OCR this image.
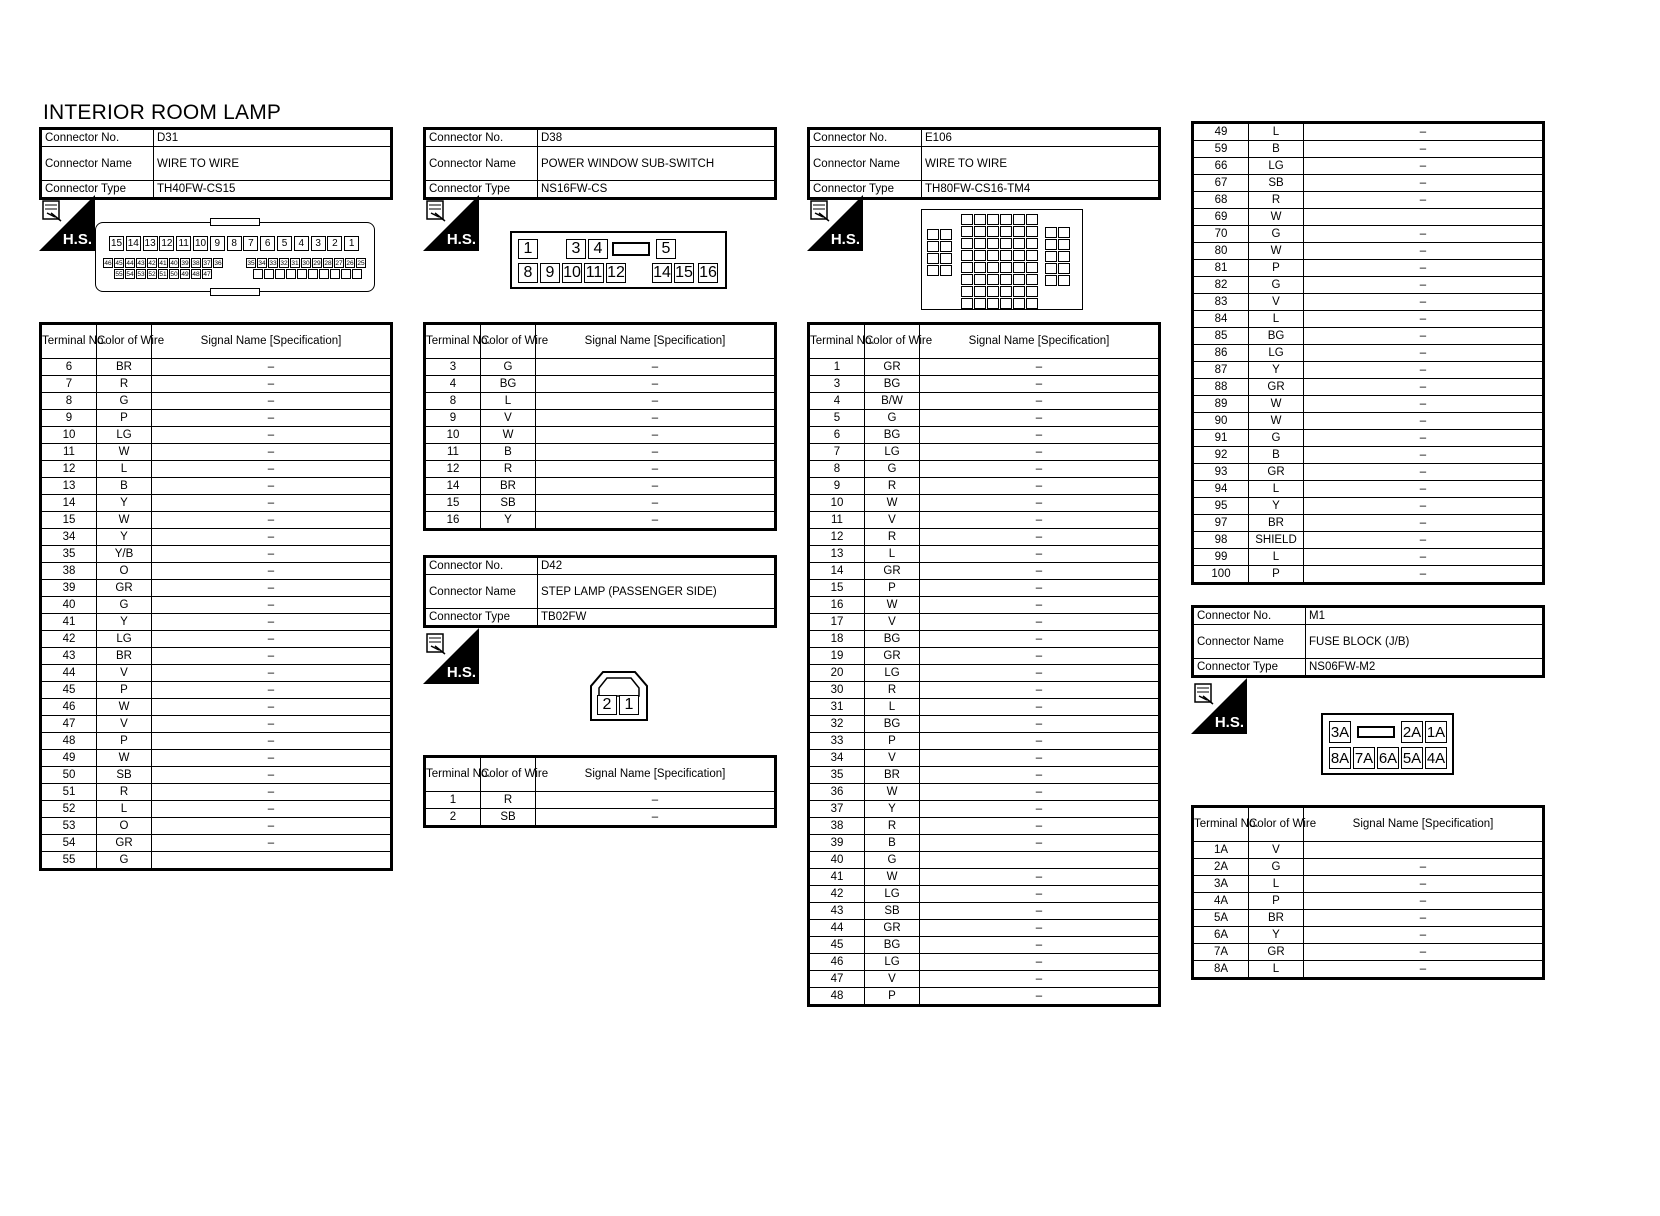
INTERIOR ROOM LAMP
Connector No.	D31
Connector Name	WIRE TO WIRE
Connector Type	TH40FW-CS15
H.S. 15 14 13 12 11 10 9	8	7	6	5	4	3	2	1
46 45 44 43 42 41 40 39 38 37 36	35 34 33 32 31 30 29 28 27 26 25
55 54 53 52 51 50 49 48 47
Terminal No.	Color of Wire	Signal Name [Specification]
6	BR	–
7	R	–
8	G	–
9	P	–
10	LG	–
11	W	–
12	L	–
13	B	–
14	Y	–
15	W	–
34	Y	–
35	Y/B	–
38	O	–
39	GR	–
40	G	–
41	Y	–
42	LG	–
43	BR	–
44	V	–
45	P	–
46	W	–
47	V	–
48	P	–
49	W	–
50	SB	–
51	R	–
52	L	–
53	O	–
54	GR	–
55	G	
Connector No.	D38
Connector Name	POWER WINDOW SUB-SWITCH
Connector Type	NS16FW-CS
H.S.
1	3 4	5
8 9 10 11 12 14 15 16
Terminal No.	Color of Wire	Signal Name [Specification]
3	G	–
4	BG	–
8	L	–
9	V	–
10	W	–
11	B	–
12	R	–
14	BR	–
15	SB	–
16	Y	–
Connector No.	D42
Connector Name	STEP LAMP (PASSENGER SIDE)
Connector Type	TB02FW
H.S.
2 1
Terminal No.	Color of Wire	Signal Name [Specification]
1	R	–
2	SB	–
Connector No.	E106
Connector Name	WIRE TO WIRE
Connector Type	TH80FW-CS16-TM4
H.S.
Terminal No.	Color of Wire	Signal Name [Specification]
1	GR	–
3	BG	–
4	B/W	–
5	G	–
6	BG	–
7	LG	–
8	G	–
9	R	–
10	W	–
11	V	–
12	R	–
13	L	–
14	GR	–
15	P	–
16	W	–
17	V	–
18	BG	–
19	GR	–
20	LG	–
30	R	–
31	L	–
32	BG	–
33	P	–
34	V	–
35	BR	–
36	W	–
37	Y	–
38	R	–
39	B	–
40	G	
41	W	–
42	LG	–
43	SB	–
44	GR	–
45	BG	–
46	LG	–
47	V	–
48	P	–
49	L	–
59	B	–
66	LG	–
67	SB	–
68	R	–
69	W	
70	G	–
80	W	–
81	P	–
82	G	–
83	V	–
84	L	–
85	BG	–
86	LG	–
87	Y	–
88	GR	–
89	W	–
90	W	–
91	G	–
92	B	–
93	GR	–
94	L	–
95	Y	–
97	BR	–
98	SHIELD	–
99	L	–
100	P	–
Connector No.	M1
Connector Name	FUSE BLOCK (J/B)
Connector Type	NS06FW-M2
H.S.
3A	2A 1A
8A 7A 6A 5A 4A
Terminal No.	Color of Wire	Signal Name [Specification]
1A	V	
2A	G	–
3A	L	–
4A	P	–
5A	BR	–
6A	Y	–
7A	GR	–
8A	L	–
